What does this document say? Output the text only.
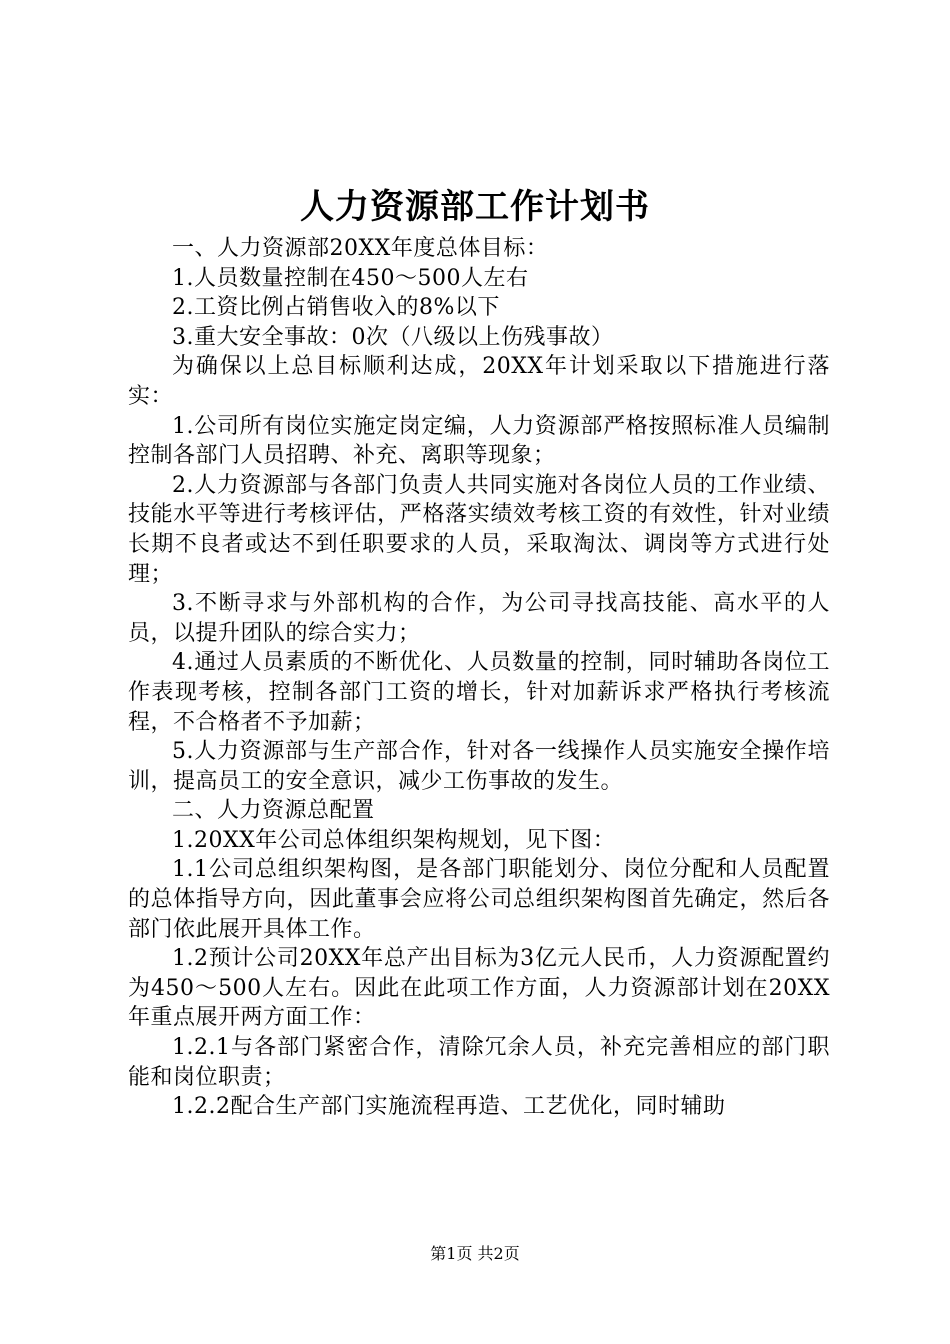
人力资源部工作计划书

一、人力资源部20XX年度总体目标：

1.人员数量控制在450～500人左右

2.工资比例占销售收入的8%以下

3.重大安全事故：0次（八级以上伤残事故）

为确保以上总目标顺利达成，20XX年计划采取以下措施进行落实：

1.公司所有岗位实施定岗定编，人力资源部严格按照标准人员编制控制各部门人员招聘、补充、离职等现象；

2.人力资源部与各部门负责人共同实施对各岗位人员的工作业绩、技能水平等进行考核评估，严格落实绩效考核工资的有效性，针对业绩长期不良者或达不到任职要求的人员，采取淘汰、调岗等方式进行处理；

3.不断寻求与外部机构的合作，为公司寻找高技能、高水平的人员，以提升团队的综合实力；

4.通过人员素质的不断优化、人员数量的控制，同时辅助各岗位工作表现考核，控制各部门工资的增长，针对加薪诉求严格执行考核流程，不合格者不予加薪；

5.人力资源部与生产部合作，针对各一线操作人员实施安全操作培训，提高员工的安全意识，减少工伤事故的发生。

二、人力资源总配置

1.20XX年公司总体组织架构规划，见下图：

1.1公司总组织架构图，是各部门职能划分、岗位分配和人员配置的总体指导方向，因此董事会应将公司总组织架构图首先确定，然后各部门依此展开具体工作。

1.2预计公司20XX年总产出目标为3亿元人民币，人力资源配置约为450～500人左右。因此在此项工作方面，人力资源部计划在20XX年重点展开两方面工作：

1.2.1与各部门紧密合作，清除冗余人员，补充完善相应的部门职能和岗位职责；

1.2.2配合生产部门实施流程再造、工艺优化，同时辅助

第1页 共2页
